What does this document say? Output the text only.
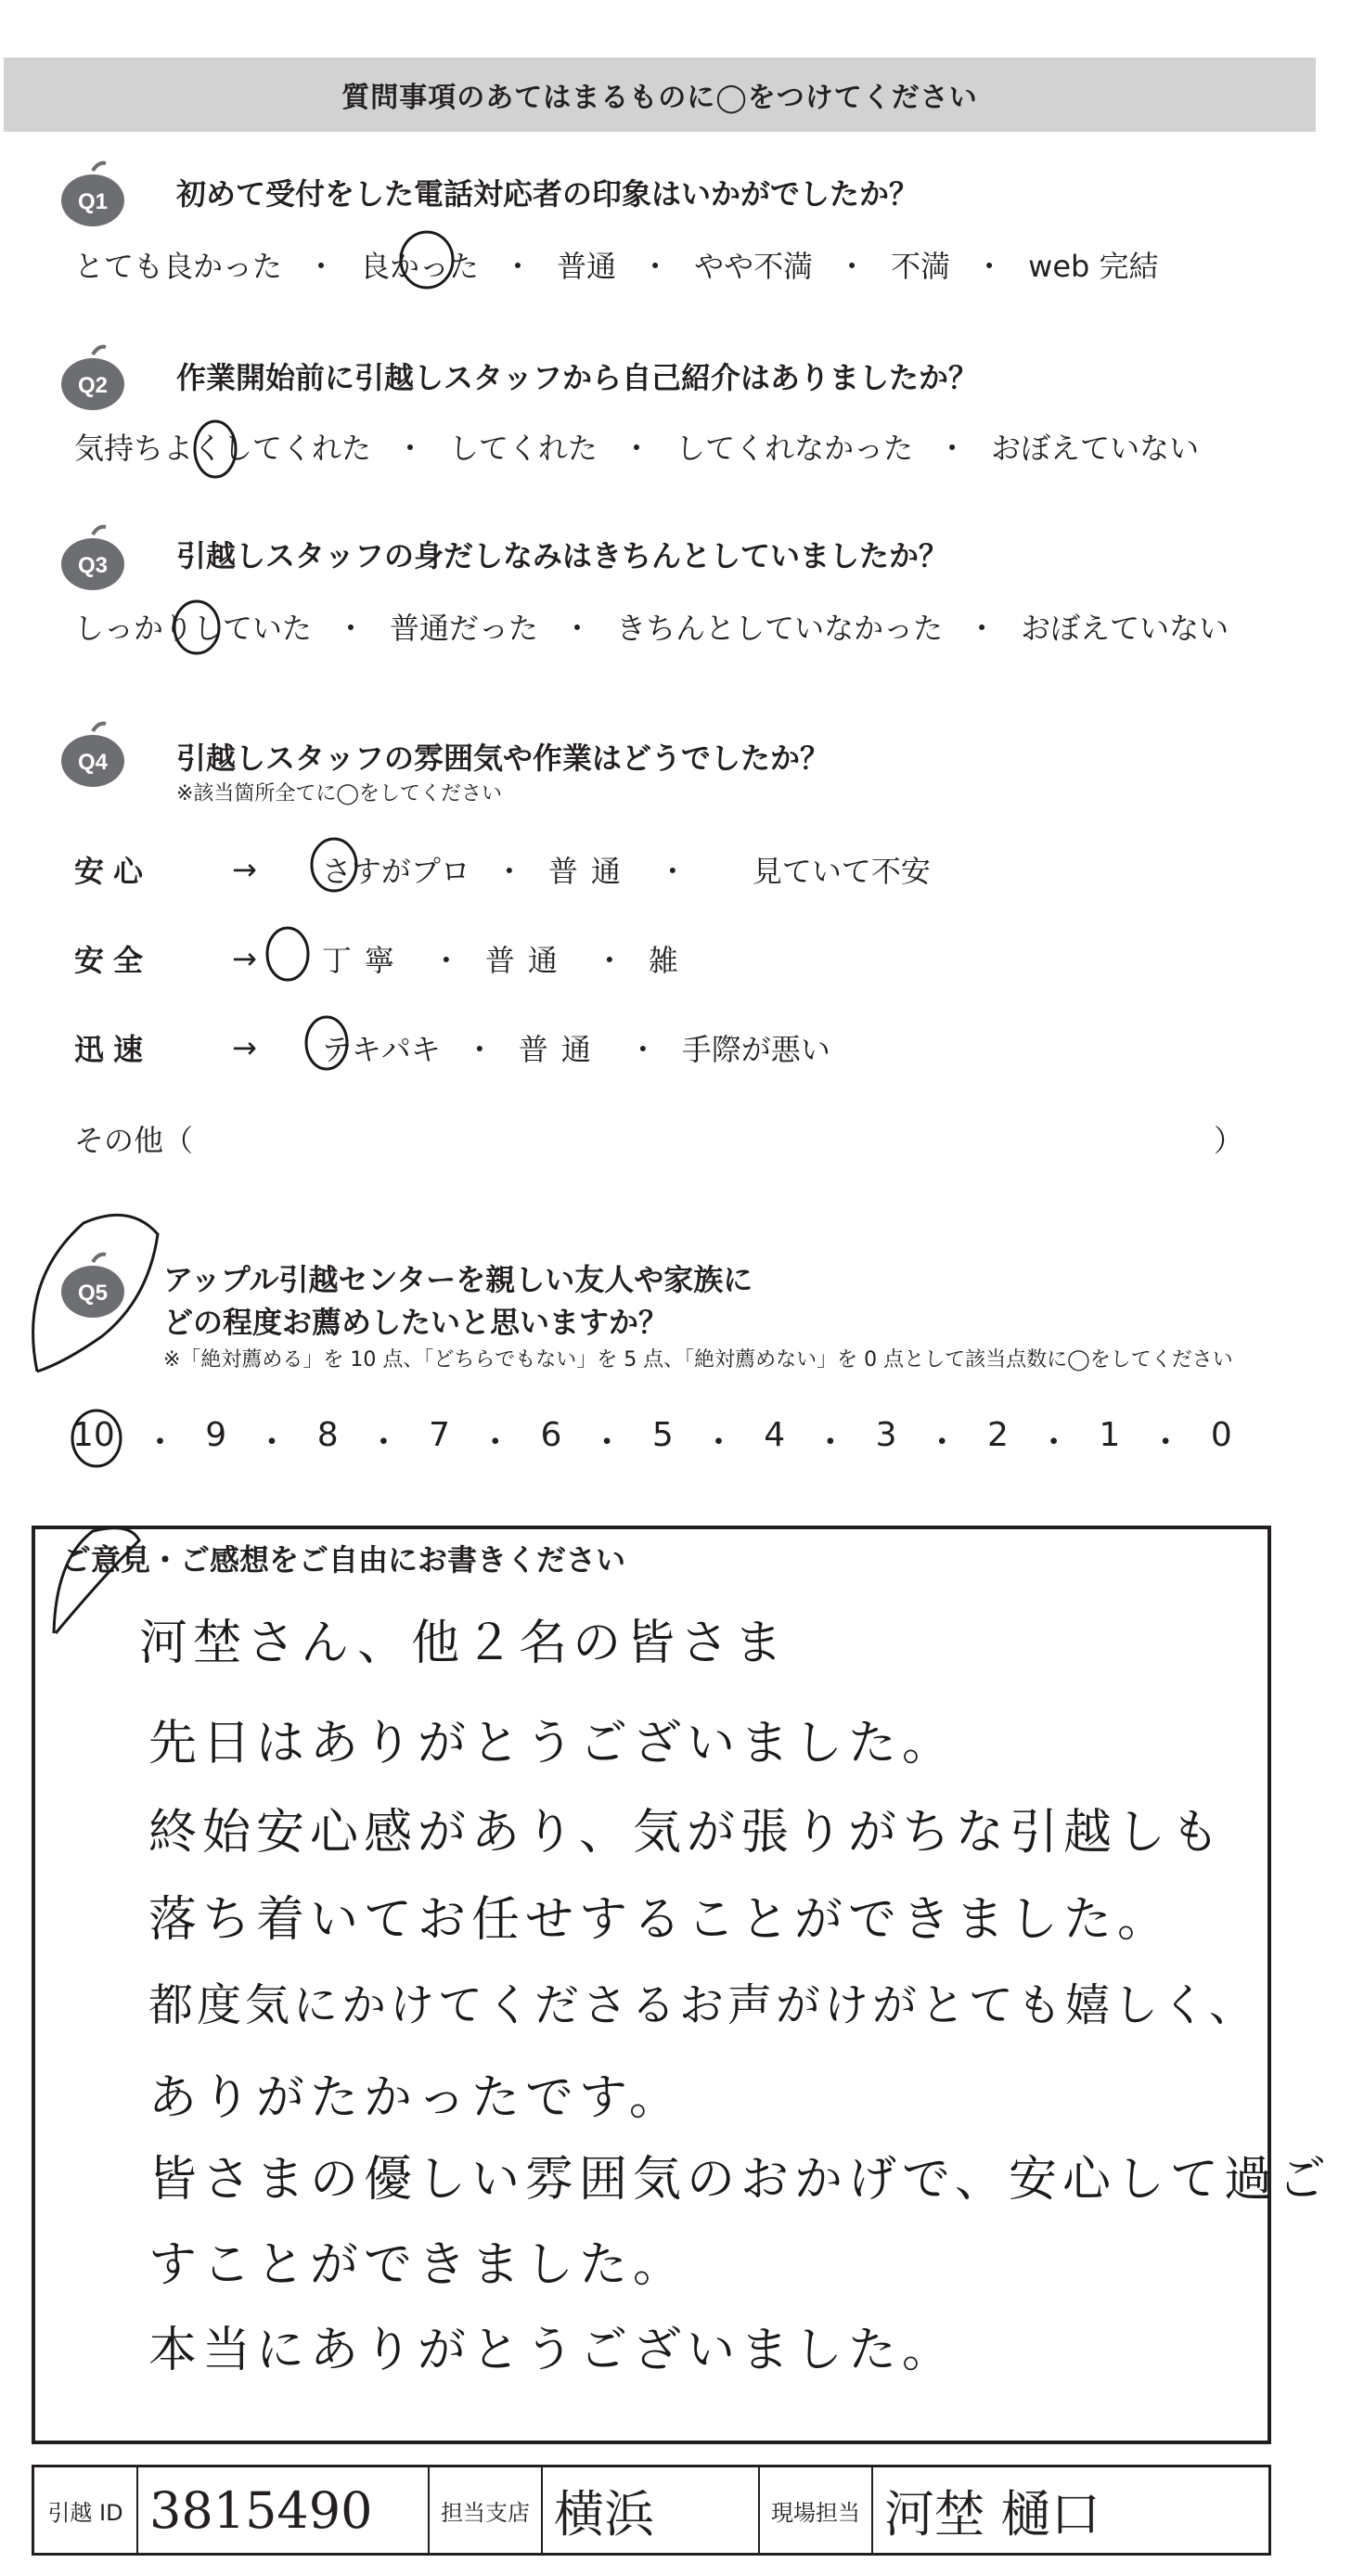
質問事項のあてはまるものに◯をつけてください
Q1 初めて受付をした電話対応者の印象はいかがでしたか？
とても良かった ・ 良かった ・ 普通 ・ やや不満 ・ 不満 ・ web 完結
Q2 作業開始前に引越しスタッフから自己紹介はありましたか？
気持ちよくしてくれた ・ してくれた ・ してくれなかった ・ おぼえていない
Q3 引越しスタッフの身だしなみはきちんとしていましたか？
しっかりしていた ・ 普通だった ・ きちんとしていなかった ・ おぼえていない
Q4 引越しスタッフの雰囲気や作業はどうでしたか？
※該当箇所全てに◯をしてください
安心	→ さすがプロ ・ 普通 ・ 見ていて不安
安全	→ 丁寧 ・ 普通 ・ 雑
迅速	→ テキパキ ・ 普通 ・ 手際が悪い
その他（	）
Q5 アップル引越センターを親しい友人や家族に
どの程度お薦めしたいと思いますか？
※「絶対薦める」を 10 点、「どちらでもない」を 5 点、「絶対薦めない」を 0 点として該当点数に◯をしてください
10 ・ 9 ・ 8 ・ 7 ・ 6 ・ 5 ・ 4 ・ 3 ・ 2 ・ 1 ・ 0
ご意見・ご感想をご自由にお書きください
河埜さん、他２名の皆さま
先日はありがとうございました。
終始安心感があり、気が張りがちな引越しも
落ち着いてお任せすることができました。
都度気にかけてくださるお声がけがとても嬉しく、
ありがたかったです。
皆さまの優しい雰囲気のおかげで、安心して過ご
すことができました。
本当にありがとうございました。
引越 ID 3815490	担当支店 横浜	現場担当 河埜 樋口
